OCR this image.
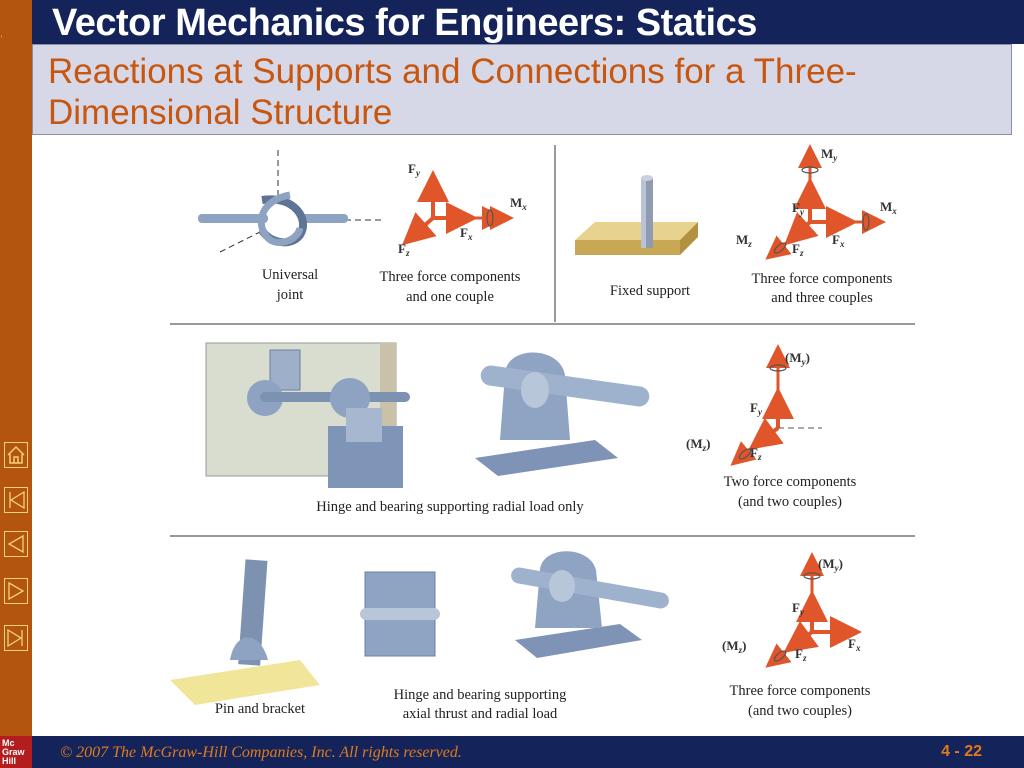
Vector Mechanics for Engineers: Statics
Reactions at Supports and Connections for a Three-Dimensional Structure
Universal
joint
$F_y$
$F_x$
$F_z$
$M_x$
Three force components
and one couple	Fixed support
$M_y$
$F_y$	$M_x$
$F_x$
$M_z$	$F_z$
Three force components
and three couples
Hinge and bearing supporting radial load only
$(M_y)$
$F_y$
$(M_z)$
$F_z$
Two force components
(and two couples)
Pin and bracket
Hinge and bearing supporting
axial thrust and radial load
$(M_y)$
$F_y$
$F_x$
$(M_z)$
$F_z$
Three force components
(and two couples)
© 2007 The McGraw-Hill Companies, Inc. All rights reserved.	4 - 22
Mc
Graw
Hill
